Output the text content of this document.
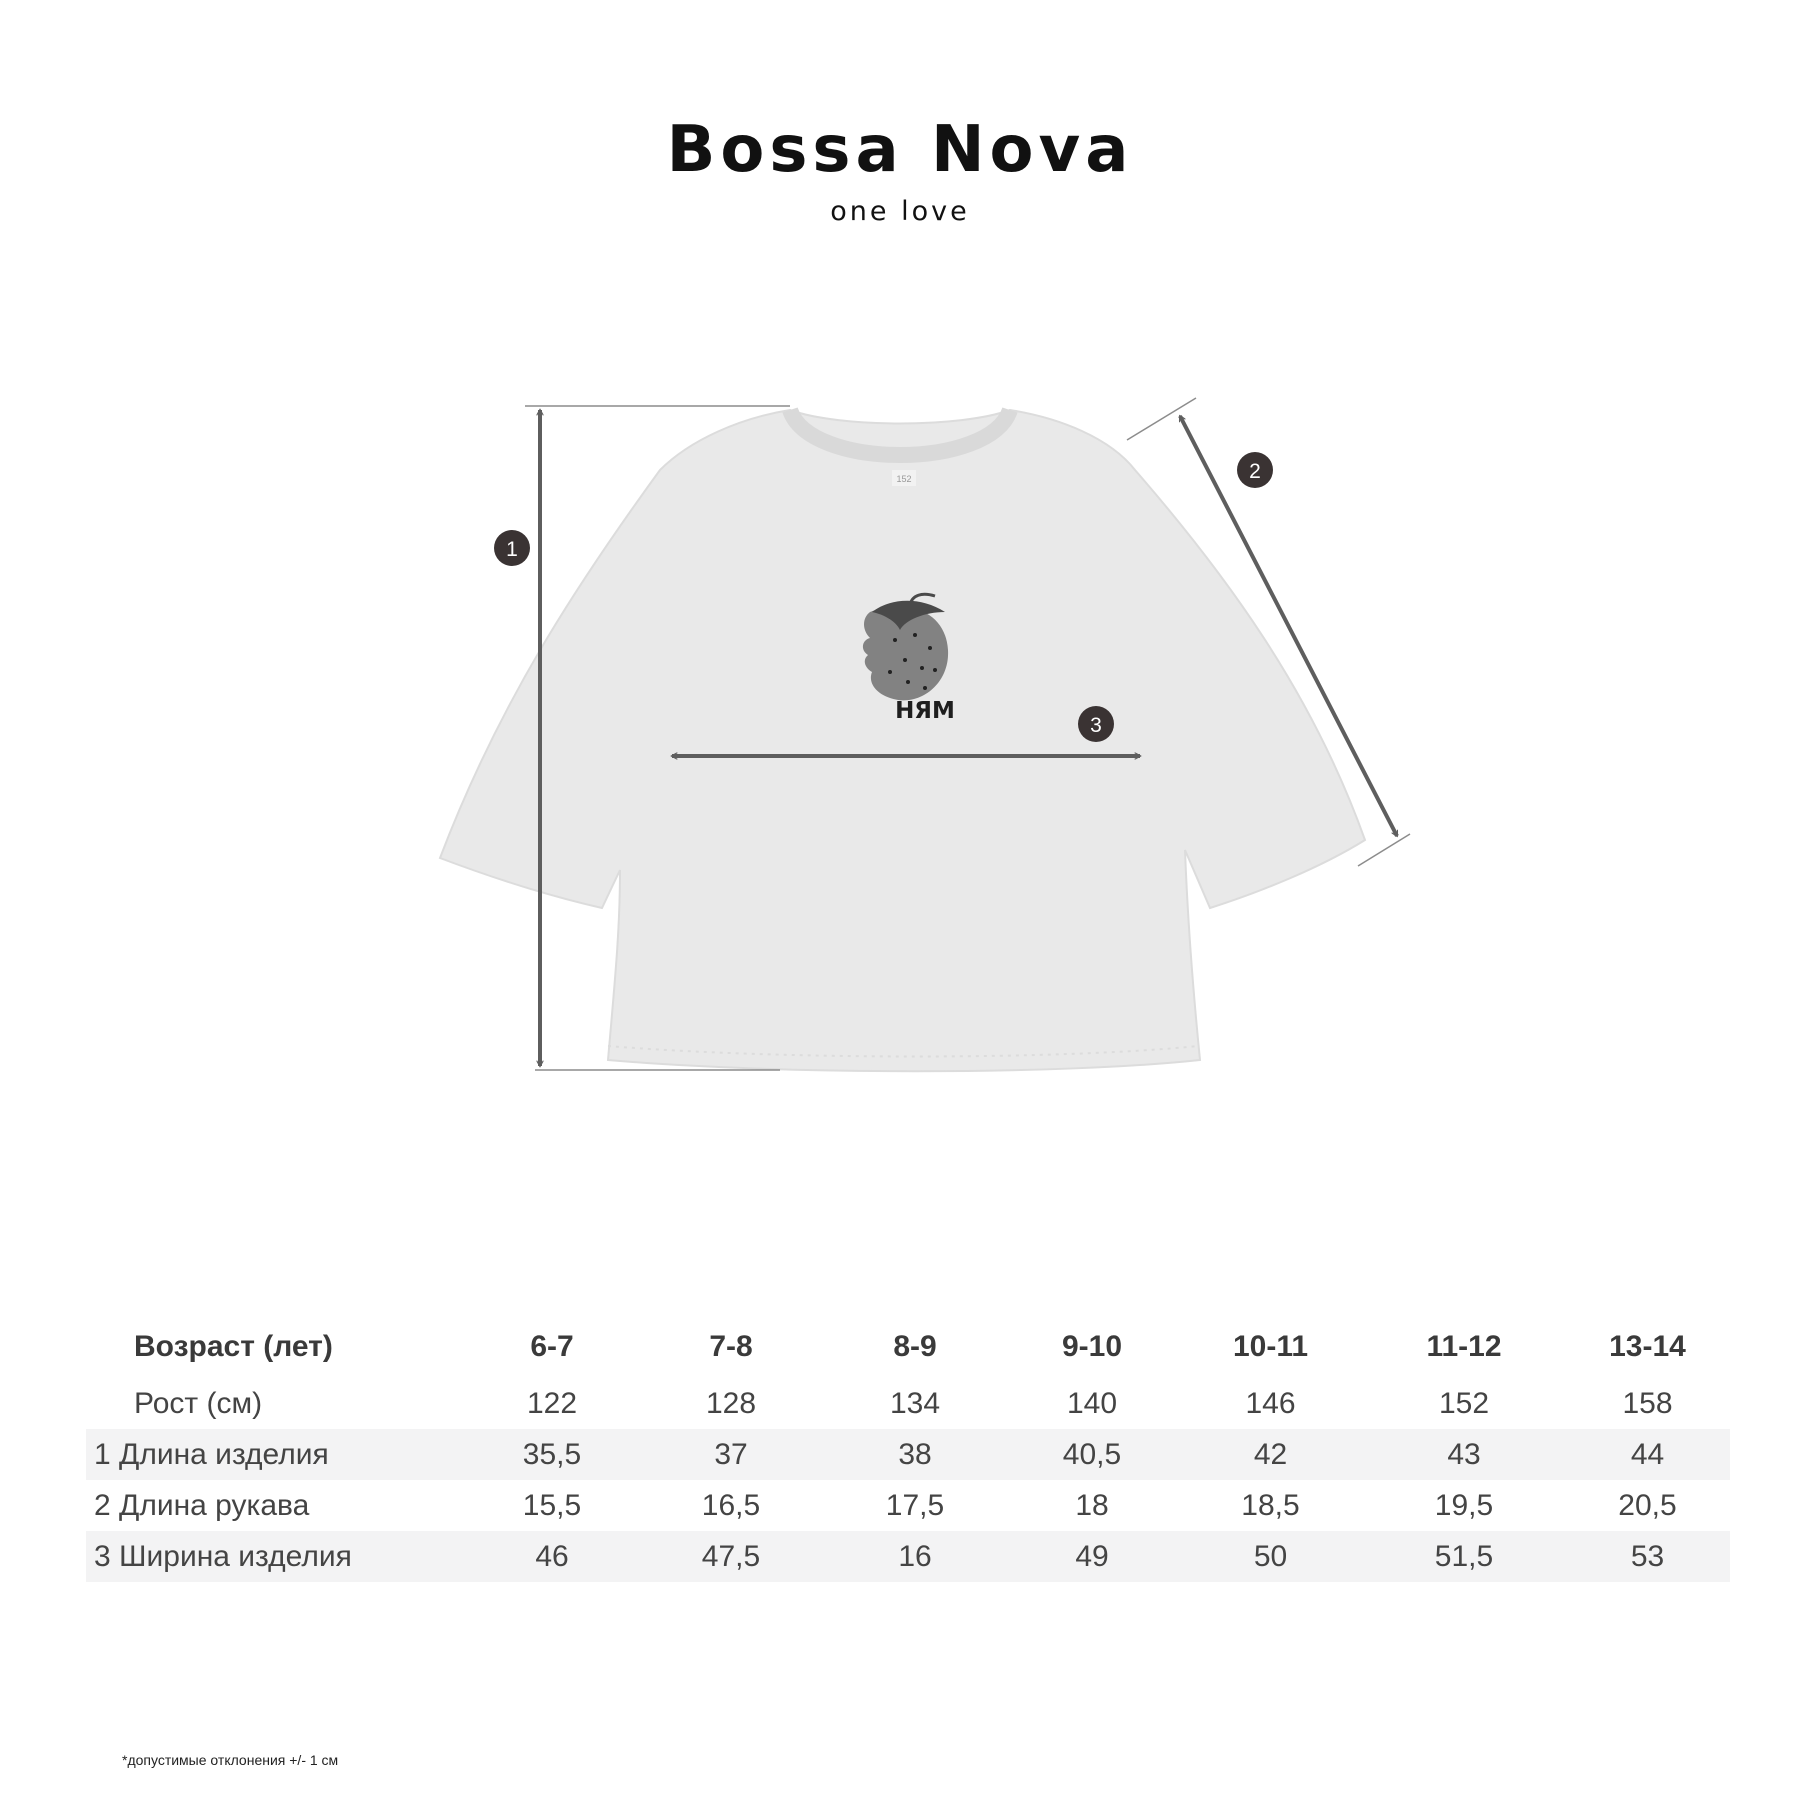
Bossa Nova
one love
152
НЯМ
1
2
3
Возраст (лет)	6-7	7-8	8-9	9-10	10-11	11-12	13-14
Рост (см)	122	128	134	140	146	152	158
1 Длина изделия	35,5	37	38	40,5	42	43	44
2 Длина рукава	15,5	16,5	17,5	18	18,5	19,5	20,5
3 Ширина изделия	46	47,5	16	49	50	51,5	53
*допустимые отклонения +/- 1 см
